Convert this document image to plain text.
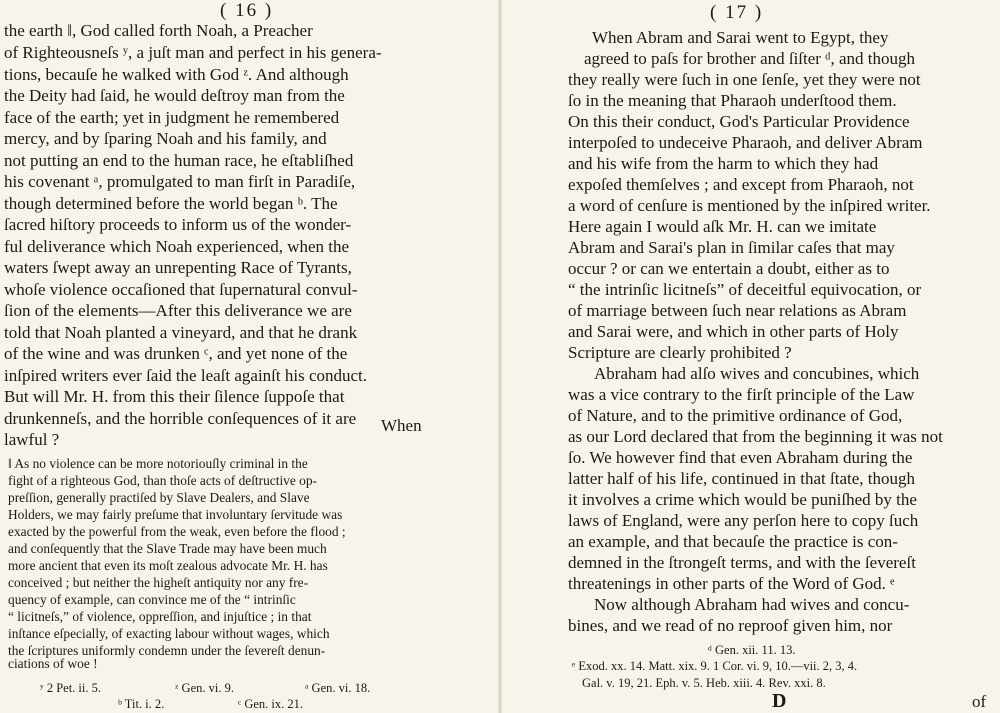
( 16 )
the earth ‖, God called forth Noah, a Preacher
of Righteousneſs ʸ, a juſt man and perfect in his genera-
tions, becauſe he walked with God ᶻ. And although
the Deity had ſaid, he would deſtroy man from the
face of the earth; yet in judgment he remembered
mercy, and by ſparing Noah and his family, and
not putting an end to the human race, he eſtabliſhed
his covenant ᵃ, promulgated to man firſt in Paradiſe,
though determined before the world began ᵇ. The
ſacred hiſtory proceeds to inform us of the wonder-
ful deliverance which Noah experienced, when the
waters ſwept away an unrepenting Race of Tyrants,
whoſe violence occaſioned that ſupernatural convul-
ſion of the elements—After this deliverance we are
told that Noah planted a vineyard, and that he drank
of the wine and was drunken ᶜ, and yet none of the
inſpired writers ever ſaid the leaſt againſt his conduct.
But will Mr. H. from this their ſilence ſuppoſe that
drunkenneſs, and the horrible conſequences of it are
lawful ?
When
‖ As no violence can be more notoriouſly criminal in the
fight of a righteous God, than thoſe acts of deſtructive op-
preſſion, generally practiſed by Slave Dealers, and Slave
Holders, we may fairly preſume that involuntary ſervitude was
exacted by the powerful from the weak, even before the flood ;
and conſequently that the Slave Trade may have been much
more ancient that even its moſt zealous advocate Mr. H. has
conceived ; but neither the higheſt antiquity nor any fre-
quency of example, can convince me of the “ intrinſic
“ licitneſs,” of violence, oppreſſion, and injuſtice ; in that
inſtance eſpecially, of exacting labour without wages, which
the ſcriptures uniformly condemn under the ſevereſt denun-
ciations of woe !
ʸ 2 Pet. ii. 5.	ᶻ Gen. vi. 9.	ᵃ Gen. vi. 18.
ᵇ Tit. i. 2.	ᶜ Gen. ix. 21.
( 17 )
When Abram and Sarai went to Egypt, they
agreed to paſs for brother and ſiſter ᵈ, and though
they really were ſuch in one ſenſe, yet they were not
ſo in the meaning that Pharaoh underſtood them.
On this their conduct, God's Particular Providence
interpoſed to undeceive Pharaoh, and deliver Abram
and his wife from the harm to which they had
expoſed themſelves ; and except from Pharaoh, not
a word of cenſure is mentioned by the inſpired writer.
Here again I would aſk Mr. H. can we imitate
Abram and Sarai's plan in ſimilar caſes that may
occur ? or can we entertain a doubt, either as to
“ the intrinſic licitneſs” of deceitful equivocation, or
of marriage between ſuch near relations as Abram
and Sarai were, and which in other parts of Holy
Scripture are clearly prohibited ?
Abraham had alſo wives and concubines, which
was a vice contrary to the firſt principle of the Law
of Nature, and to the primitive ordinance of God,
as our Lord declared that from the beginning it was not
ſo. We however find that even Abraham during the
latter half of his life, continued in that ſtate, though
it involves a crime which would be puniſhed by the
laws of England, were any perſon here to copy ſuch
an example, and that becauſe the practice is con-
demned in the ſtrongeſt terms, and with the ſevereſt
threatenings in other parts of the Word of God. ᵉ
Now although Abraham had wives and concu-
bines, and we read of no reproof given him, nor
ᵈ Gen. xii. 11. 13.
ᵉ Exod. xx. 14. Matt. xix. 9. 1 Cor. vi. 9, 10.—vii. 2, 3, 4.
Gal. v. 19, 21. Eph. v. 5. Heb. xiii. 4. Rev. xxi. 8.
D	of
